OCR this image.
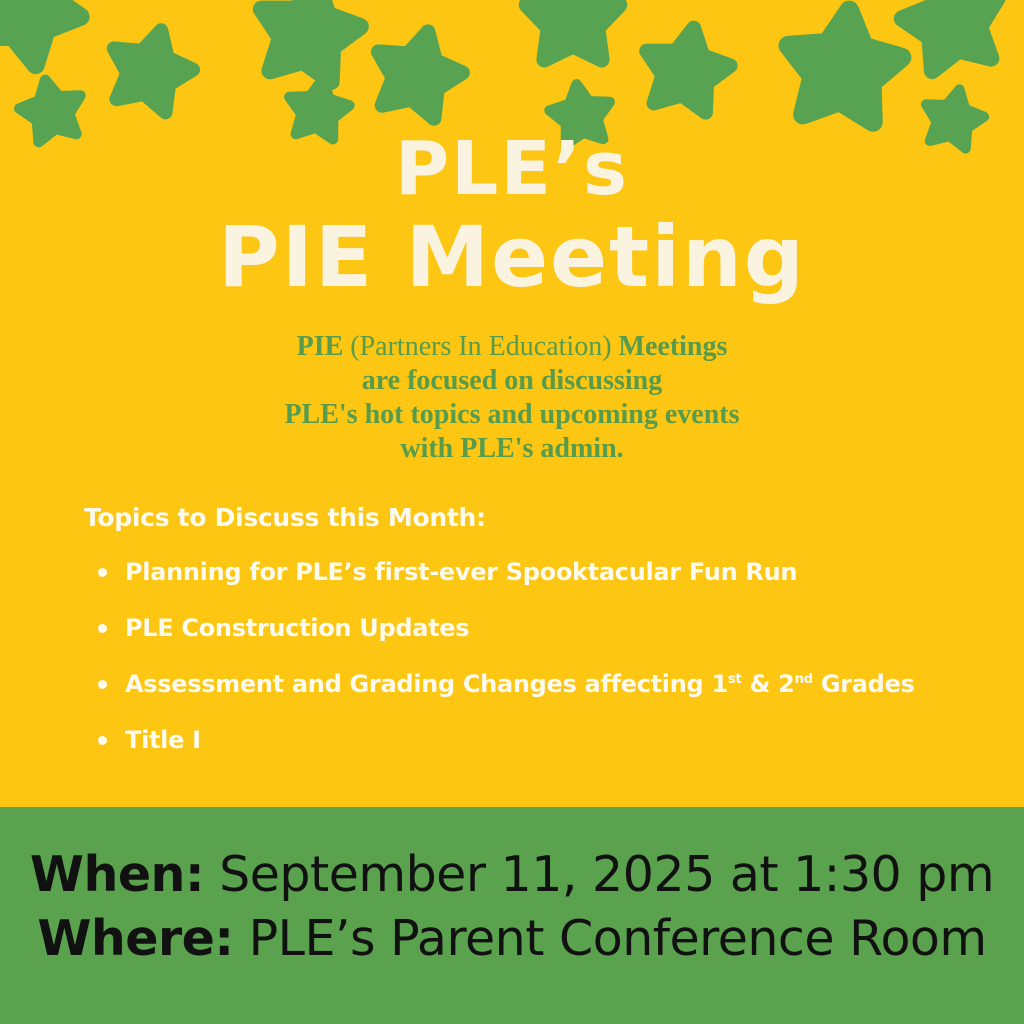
PLE’s
PIE Meeting

PIE (Partners In Education) Meetings
are focused on discussing
PLE's hot topics and upcoming events
with PLE's admin.

Topics to Discuss this Month:
Planning for PLE’s first-ever Spooktacular Fun Run
PLE Construction Updates
Assessment and Grading Changes affecting 1st & 2nd Grades
Title I
When: September 11, 2025 at 1:30 pm
Where: PLE’s Parent Conference Room
